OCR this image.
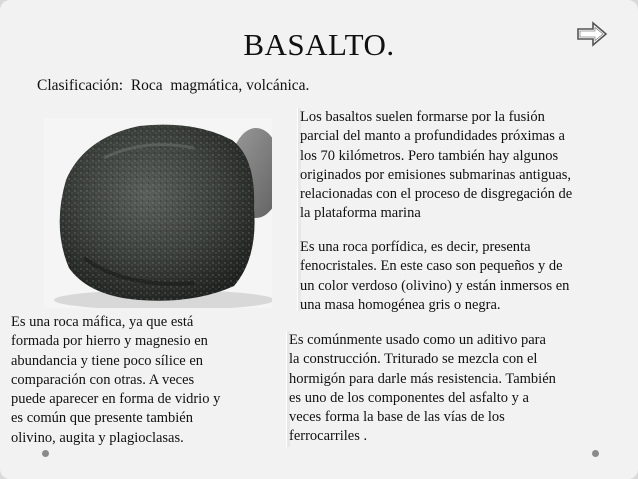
BASALTO.
Clasificación:  Roca  magmática, volcánica.
Los basaltos suelen formarse por la fusión
parcial del manto a profundidades próximas a
los 70 kilómetros. Pero también hay algunos
originados por emisiones submarinas antiguas,
relacionadas con el proceso de disgregación de
la plataforma marina
Es una roca porfídica, es decir, presenta
fenocristales. En este caso son pequeños y de
un color verdoso (olivino) y están inmersos en
una masa homogénea gris o negra.
Es una roca máfica, ya que está
formada por hierro y magnesio en
abundancia y tiene poco sílice en
comparación con otras. A veces
puede aparecer en forma de vidrio y
es común que presente también
olivino, augita y plagioclasas.
Es comúnmente usado como un aditivo para
la construcción. Triturado se mezcla con el
hormigón para darle más resistencia. También
es uno de los componentes del asfalto y a
veces forma la base de las vías de los
ferrocarriles .
